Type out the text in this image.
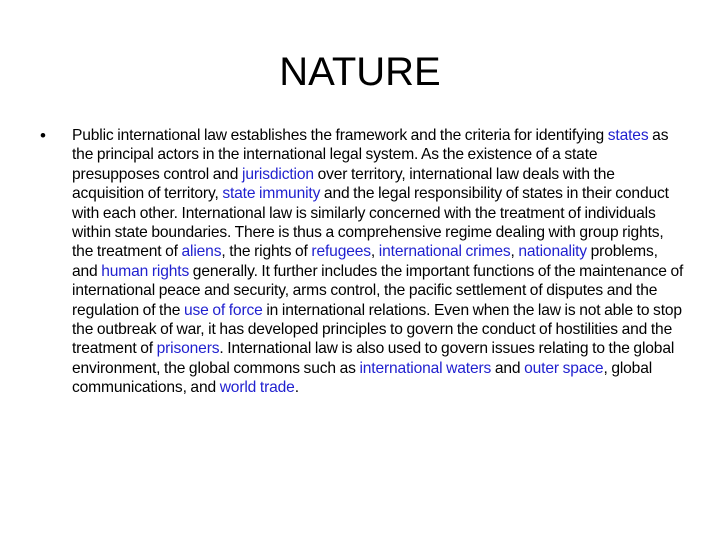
NATURE
• Public international law establishes the framework and the criteria for identifying states as the principal actors in the international legal system. As the existence of a state presupposes control and jurisdiction over territory, international law deals with the acquisition of territory, state immunity and the legal responsibility of states in their conduct with each other. International law is similarly concerned with the treatment of individuals within state boundaries. There is thus a comprehensive regime dealing with group rights, the treatment of aliens, the rights of refugees, international crimes, nationality problems, and human rights generally. It further includes the important functions of the maintenance of international peace and security, arms control, the pacific settlement of disputes and the regulation of the use of force in international relations. Even when the law is not able to stop the outbreak of war, it has developed principles to govern the conduct of hostilities and the treatment of prisoners. International law is also used to govern issues relating to the global environment, the global commons such as international waters and outer space, global communications, and world trade.
